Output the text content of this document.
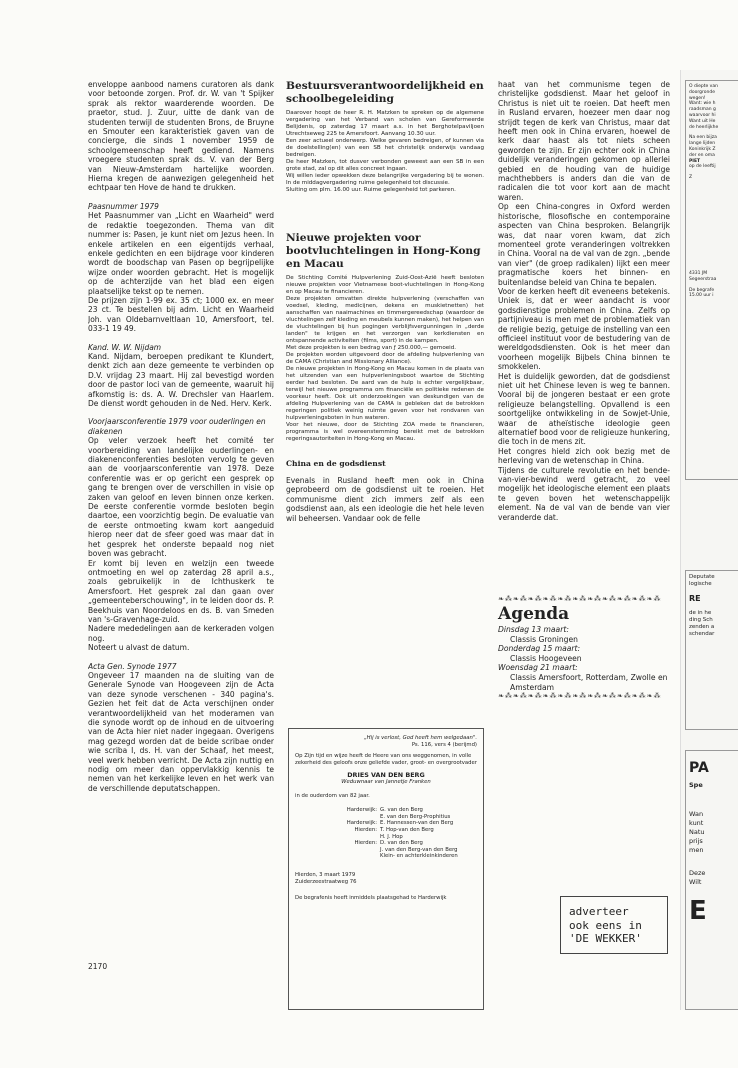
enveloppe aanbood namens curatoren als dank voor betoonde zorgen. Prof. dr. W. van 't Spijker sprak als rektor waarderende woorden. De praetor, stud. J. Zuur, uitte de dank van de studenten terwijl de studenten Brons, de Bruyne en Smouter een karakteristiek gaven van de concierge, die sinds 1 november 1959 de schoolgemeenschap heeft gediend. Namens vroegere studenten sprak ds. V. van der Berg van Nieuw-Amsterdam hartelijke woorden. Hierna kregen de aanwezigen gelegenheid het echtpaar ten Hove de hand te drukken.

Paasnummer 1979

Het Paasnummer van „Licht en Waarheid" werd de redaktie toegezonden. Thema van dit nummer is: Pasen, je kunt niet om Jezus heen. In enkele artikelen en een eigentijds verhaal, enkele gedichten en een bijdrage voor kinderen wordt de boodschap van Pasen op begrijpelijke wijze onder woorden gebracht. Het is mogelijk op de achterzijde van het blad een eigen plaatselijke tekst op te nemen.

De prijzen zijn 1-99 ex. 35 ct; 1000 ex. en meer 23 ct. Te bestellen bij adm. Licht en Waarheid Joh. van Oldebarnveltlaan 10, Amersfoort, tel. 033-1 19 49.

Kand. W. W. Nijdam

Kand. Nijdam, beroepen predikant te Klundert, denkt zich aan deze gemeente te verbinden op D.V. vrijdag 23 maart. Hij zal bevestigd worden door de pastor loci van de gemeente, waaruit hij afkomstig is: ds. A. W. Drechsler van Haarlem. De dienst wordt gehouden in de Ned. Herv. Kerk.

Voorjaarsconferentie 1979 voor ouderlingen en diakenen

Op veler verzoek heeft het comité ter voorbereiding van landelijke ouderlingen- en diakenenconferenties besloten vervolg te geven aan de voorjaarsconferentie van 1978. Deze conferentie was er op gericht een gesprek op gang te brengen over de verschillen in visie op zaken van geloof en leven binnen onze kerken. De eerste conferentie vormde besloten begin daartoe, een voorzichtig begin. De evaluatie van de eerste ontmoeting kwam kort aangeduid hierop neer dat de sfeer goed was maar dat in het gesprek het onderste bepaald nog niet boven was gebracht.

Er komt bij leven en welzijn een tweede ontmoeting en wel op zaterdag 28 april a.s., zoals gebruikelijk in de Ichthuskerk te Amersfoort. Het gesprek zal dan gaan over „gemeenteberschouwing", in te leiden door ds. P. Beekhuis van Noordeloos en ds. B. van Smeden van 's-Gravenhage-zuid.

Nadere mededelingen aan de kerkeraden volgen nog.

Noteert u alvast de datum.

Acta Gen. Synode 1977

Ongeveer 17 maanden na de sluiting van de Generale Synode van Hoogeveen zijn de Acta van deze synode verschenen - 340 pagina's. Gezien het feit dat de Acta verschijnen onder verantwoordelijkheid van het moderamen van die synode wordt op de inhoud en de uitvoering van de Acta hier niet nader ingegaan. Overigens mag gezegd worden dat de beide scribae onder wie scriba I, ds. H. van der Schaaf, het meest, veel werk hebben verricht. De Acta zijn nuttig en nodig om meer dan oppervlakkig kennis te nemen van het kerkelijke leven en het werk van de verschillende deputatschappen.

Bestuursverantwoordelijkheid en schoolbegeleiding

Daarover hoopt de heer R. H. Matzken te spreken op de algemene vergadering van het Verband van scholen van Gereformeerde Belijdenis, op zaterdag 17 maart a.s. in het Berghotelpaviljoen Utrechtseweg 225 te Amersfoort. Aanvang 10.30 uur.

Een zeer actueel onderwerp. Welke gevaren bedreigen, of kunnen via de doelstelling(en) van een SB het christelijk onderwijs vandaag bedreigen.

De heer Matzken, tot dusver verbonden geweest aan een SB in een grote stad, zal op dit alles concreet ingaan.

Wij willen ieder opwekken deze belangrijke vergadering bij te wonen. In de middagvergadering ruime gelegenheid tot discussie.

Sluiting om plm. 16.00 uur. Ruime gelegenheid tot parkeren.

Nieuwe projekten voor bootvluchtelingen in Hong-Kong en Macau

De Stichting Comité Hulpverlening Zuid-Oost-Azië heeft besloten nieuwe projekten voor Vietnamese boot-vluchtelingen in Hong-Kong en op Macau te financieren.

Deze projekten omvatten direkte hulpverlening (verschaffen van voedsel, kleding, medicijnen, dekens en muskietnetten) het aanschaffen van naaimachines en timmergereedschap (waardoor de vluchtelingen zelf kleding en meubels kunnen maken), het helpen van de vluchtelingen bij hun pogingen verblijfsvergunningen in „derde landen" te krijgen en het verzorgen van kerkdiensten en ontspannende activiteiten (films, sport) in de kampen.

Met deze projekten is een bedrag van ƒ 250.000,— gemoeid.

De projekten worden uitgevoerd door de afdeling hulpverlening van de CAMA (Christian and Missionary Alliance).

De nieuwe projekten in Hong-Kong en Macau komen in de plaats van het uitzenden van een hulpverleningsboot waartoe de Stichting eerder had besloten. De aard van de hulp is echter vergelijkbaar, terwijl het nieuwe programma om financiële en politieke redenen de voorkeur heeft. Ook uit onderzoekingen van deskundigen van de afdeling Hulpverlening van de CAMA is gebleken dat de betrokken regeringen politiek weinig ruimte geven voor het rondvaren van hulpverleningsboten in hun wateren.

Voor het nieuwe, door de Stichting ZOA mede te financieren, programma is wel overeenstemming bereikt met de betrokken regeringsautoriteiten in Hong-Kong en Macau.

China en de godsdienst

Evenals in Rusland heeft men ook in China geprobeerd om de godsdienst uit te roeien. Het communisme dient zich immers zelf als een godsdienst aan, als een ideologie die het hele leven wil beheersen. Vandaar ook de felle

„Hij is verlost, God heeft hem welgedaan".
Ps. 116, vers 4 (berijmd)
Op Zijn tijd en wijze heeft de Heere van ons weggenomen, in volle zekerheid des geloofs onze geliefde vader, groot- en overgrootvader
DRIES VAN DEN BERG
Weduwnaar van Jannetje Franken
in de ouderdom van 82 jaar.
Harderwijk: G. van den Berg
E. van den Berg-Prophitius
Harderwijk: E. Hannessen-van den Berg
Hierden: T. Hop-van den Berg
H. J. Hop
Hierden: D. van den Berg
J. van den Berg-van den Berg
Klein- en achterkleinkinderen
Hierden, 3 maart 1979
Zuiderzeestraatweg 76
De begrafenis heeft inmiddels plaatsgehad te Harderwijk

haat van het communisme tegen de christelijke godsdienst. Maar het geloof in Christus is niet uit te roeien. Dat heeft men in Rusland ervaren, hoezeer men daar nog strijdt tegen de kerk van Christus, maar dat heeft men ook in China ervaren, hoewel de kerk daar haast als tot niets scheen geworden te zijn. Er zijn echter ook in China duidelijk veranderingen gekomen op allerlei gebied en de houding van de huidige machthebbers is anders dan die van de radicalen die tot voor kort aan de macht waren.

Op een China-congres in Oxford werden historische, filosofische en contemporaine aspecten van China besproken. Belangrijk was, dat naar voren kwam, dat zich momenteel grote veranderingen voltrekken in China. Vooral na de val van de zgn. „bende van vier" (de groep radikalen) lijkt een meer pragmatische koers het binnen- en buitenlandse beleid van China te bepalen.

Voor de kerken heeft dit eveneens betekenis. Uniek is, dat er weer aandacht is voor godsdienstige problemen in China. Zelfs op partijniveau is men met de problematiek van de religie bezig, getuige de instelling van een officieel instituut voor de bestudering van de wereldgodsdiensten. Ook is het meer dan voorheen mogelijk Bijbels China binnen te smokkelen.

Het is duidelijk geworden, dat de godsdienst niet uit het Chinese leven is weg te bannen. Vooral bij de jongeren bestaat er een grote religieuze belangstelling. Opvallend is een soortgelijke ontwikkeling in de Sowjet-Unie, waar de atheïstische ideologie geen alternatief bood voor de religieuze hunkering, die toch in de mens zit.

Het congres hield zich ook bezig met de herleving van de wetenschap in China.

Tijdens de culturele revolutie en het bende-van-vier-bewind werd getracht, zo veel mogelijk het ideologische element een plaats te geven boven het wetenschappelijk element. Na de val van de bende van vier veranderde dat.

❧⁂❧⁂❧⁂❧⁂❧⁂❧⁂❧⁂❧⁂❧⁂❧⁂❧⁂
Agenda
Dinsdag 13 maart:
Classis Groningen
Donderdag 15 maart:
Classis Hoogeveen
Woensdag 21 maart:
Classis Amersfoort, Rotterdam, Zwolle en Amsterdam
❧⁂❧⁂❧⁂❧⁂❧⁂❧⁂❧⁂❧⁂❧⁂❧⁂❧⁂
adverteer
ook eens in
'DE WEKKER'
2170
O diepte van
doorgronde
wegen!
Want: wie h
raadsman g
waarvoor hi
Want uit He
de heerlijkhe
Na een bijza
lange lijden
Koninkrijk Z
der en oma
PIET
op de leeftij
Z
4331 JM
Segeerstraa
De begrafe
15.00 uur i
Deputate
logische
RE
de in he
ding Sch
zenden a
schendar
PA
Spe
Wan
kunt
Natu
prijs
men
Deze
Wilt
E
